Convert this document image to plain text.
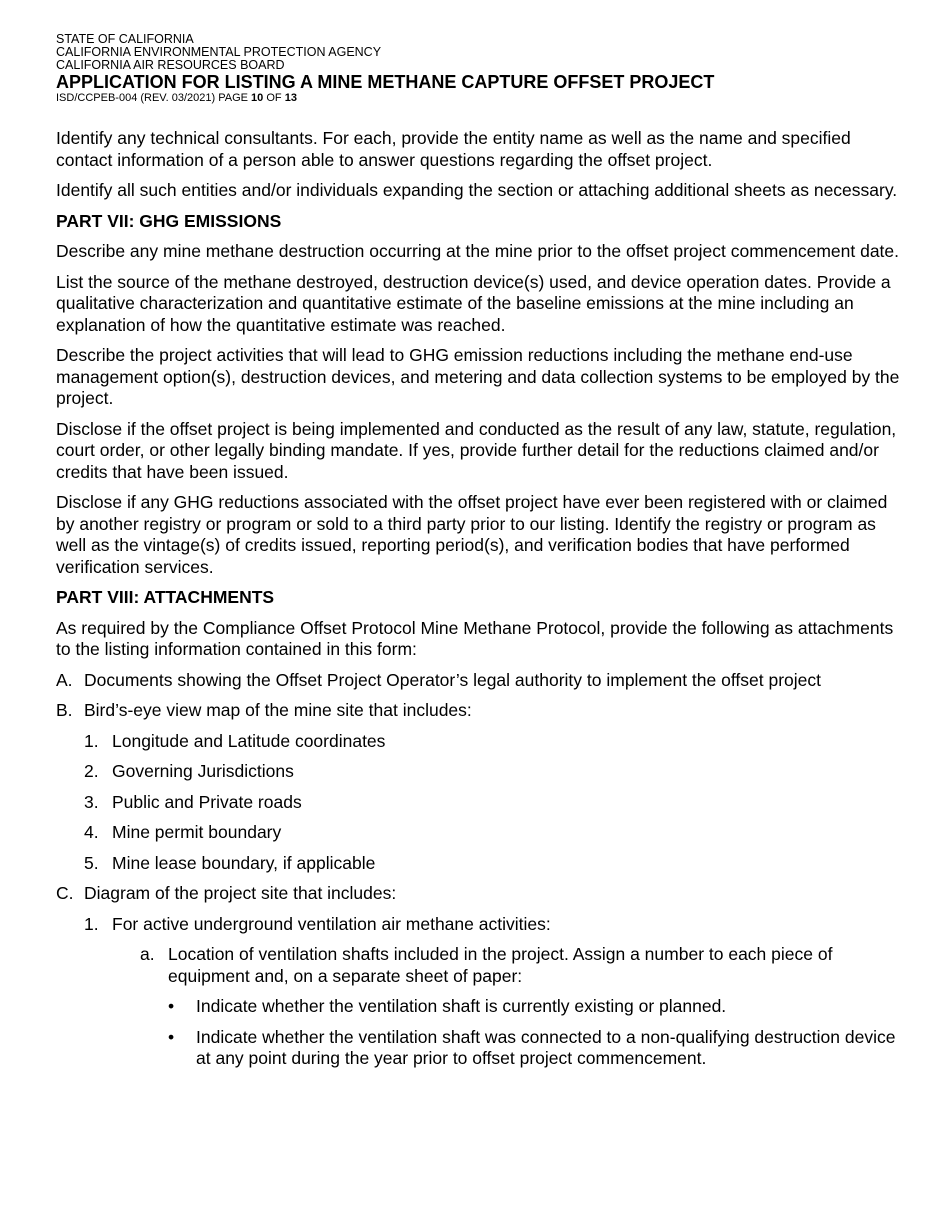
STATE OF CALIFORNIA

CALIFORNIA ENVIRONMENTAL PROTECTION AGENCY

CALIFORNIA AIR RESOURCES BOARD

APPLICATION FOR LISTING A MINE METHANE CAPTURE OFFSET PROJECT

ISD/CCPEB-004 (REV. 03/2021) PAGE 10 OF 13

Identify any technical consultants. For each, provide the entity name as well as the name and specified contact information of a person able to answer questions regarding the offset project.

Identify all such entities and/or individuals expanding the section or attaching additional sheets as necessary.

PART VII: GHG EMISSIONS

Describe any mine methane destruction occurring at the mine prior to the offset project commencement date.

List the source of the methane destroyed, destruction device(s) used, and device operation dates. Provide a qualitative characterization and quantitative estimate of the baseline emissions at the mine including an explanation of how the quantitative estimate was reached.

Describe the project activities that will lead to GHG emission reductions including the methane end-use management option(s), destruction devices, and metering and data collection systems to be employed by the project.

Disclose if the offset project is being implemented and conducted as the result of any law, statute, regulation, court order, or other legally binding mandate. If yes, provide further detail for the reductions claimed and/or credits that have been issued.

Disclose if any GHG reductions associated with the offset project have ever been registered with or claimed by another registry or program or sold to a third party prior to our listing. Identify the registry or program as well as the vintage(s) of credits issued, reporting period(s), and verification bodies that have performed verification services.

PART VIII: ATTACHMENTS

As required by the Compliance Offset Protocol Mine Methane Protocol, provide the following as attachments to the listing information contained in this form:

A. Documents showing the Offset Project Operator’s legal authority to implement the offset project
B. Bird’s-eye view map of the mine site that includes:
1. Longitude and Latitude coordinates
2. Governing Jurisdictions
3. Public and Private roads
4. Mine permit boundary
5. Mine lease boundary, if applicable
C. Diagram of the project site that includes:
1. For active underground ventilation air methane activities:
a. Location of ventilation shafts included in the project. Assign a number to each piece of equipment and, on a separate sheet of paper:
•	Indicate whether the ventilation shaft is currently existing or planned.
•	Indicate whether the ventilation shaft was connected to a non-qualifying destruction device at any point during the year prior to offset project commencement.
